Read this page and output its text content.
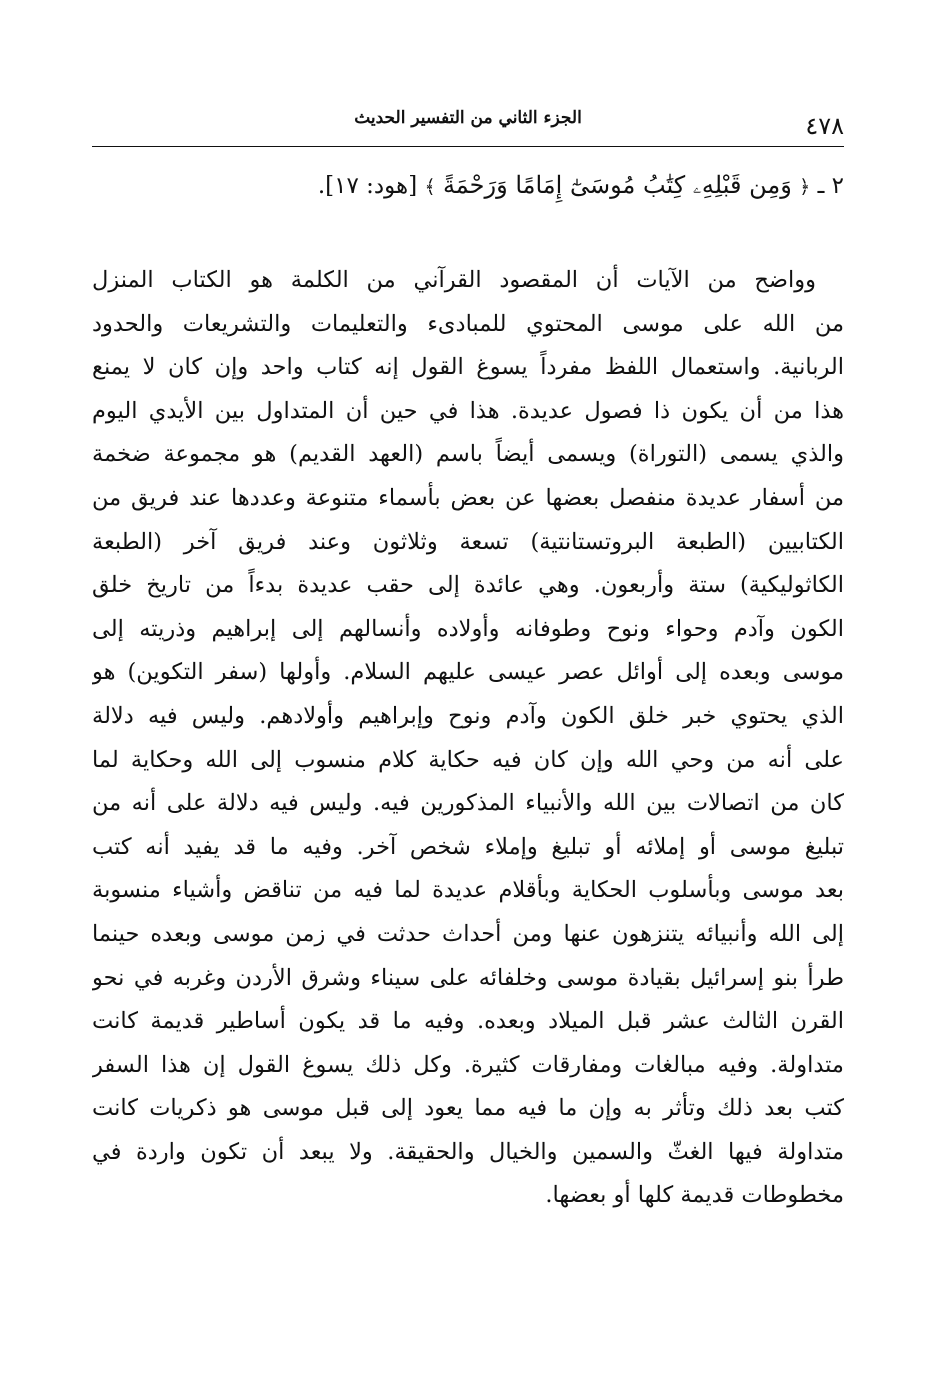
الجزء الثاني من التفسير الحديث	٤٧٨
٢ ـ ﴿ وَمِن قَبْلِهِۦ كِتَٰبُ مُوسَىٰٓ إِمَامًا وَرَحْمَةً ﴾ [هود: ١٧].
وواضح من الآيات أن المقصود القرآني من الكلمة هو الكتاب المنزل
من الله على موسى المحتوي للمبادىء والتعليمات والتشريعات والحدود
الربانية. واستعمال اللفظ مفرداً يسوغ القول إنه كتاب واحد وإن كان لا يمنع
هذا من أن يكون ذا فصول عديدة. هذا في حين أن المتداول بين الأيدي اليوم
والذي يسمى (التوراة) ويسمى أيضاً باسم (العهد القديم) هو مجموعة ضخمة
من أسفار عديدة منفصل بعضها عن بعض بأسماء متنوعة وعددها عند فريق من
الكتابيين (الطبعة البروتستانتية) تسعة وثلاثون وعند فريق آخر (الطبعة
الكاثوليكية) ستة وأربعون. وهي عائدة إلى حقب عديدة بدءاً من تاريخ خلق
الكون وآدم وحواء ونوح وطوفانه وأولاده وأنسالهم إلى إبراهيم وذريته إلى
موسى وبعده إلى أوائل عصر عيسى عليهم السلام. وأولها (سفر التكوين) هو
الذي يحتوي خبر خلق الكون وآدم ونوح وإبراهيم وأولادهم. وليس فيه دلالة
على أنه من وحي الله وإن كان فيه حكاية كلام منسوب إلى الله وحكاية لما
كان من اتصالات بين الله والأنبياء المذكورين فيه. وليس فيه دلالة على أنه من
تبليغ موسى أو إملائه أو تبليغ وإملاء شخص آخر. وفيه ما قد يفيد أنه كتب
بعد موسى وبأسلوب الحكاية وبأقلام عديدة لما فيه من تناقض وأشياء منسوبة
إلى الله وأنبيائه يتنزهون عنها ومن أحداث حدثت في زمن موسى وبعده حينما
طرأ بنو إسرائيل بقيادة موسى وخلفائه على سيناء وشرق الأردن وغربه في نحو
القرن الثالث عشر قبل الميلاد وبعده. وفيه ما قد يكون أساطير قديمة كانت
متداولة. وفيه مبالغات ومفارقات كثيرة. وكل ذلك يسوغ القول إن هذا السفر
كتب بعد ذلك وتأثر به وإن ما فيه مما يعود إلى قبل موسى هو ذكريات كانت
متداولة فيها الغثّ والسمين والخيال والحقيقة. ولا يبعد أن تكون واردة في
مخطوطات قديمة كلها أو بعضها.
